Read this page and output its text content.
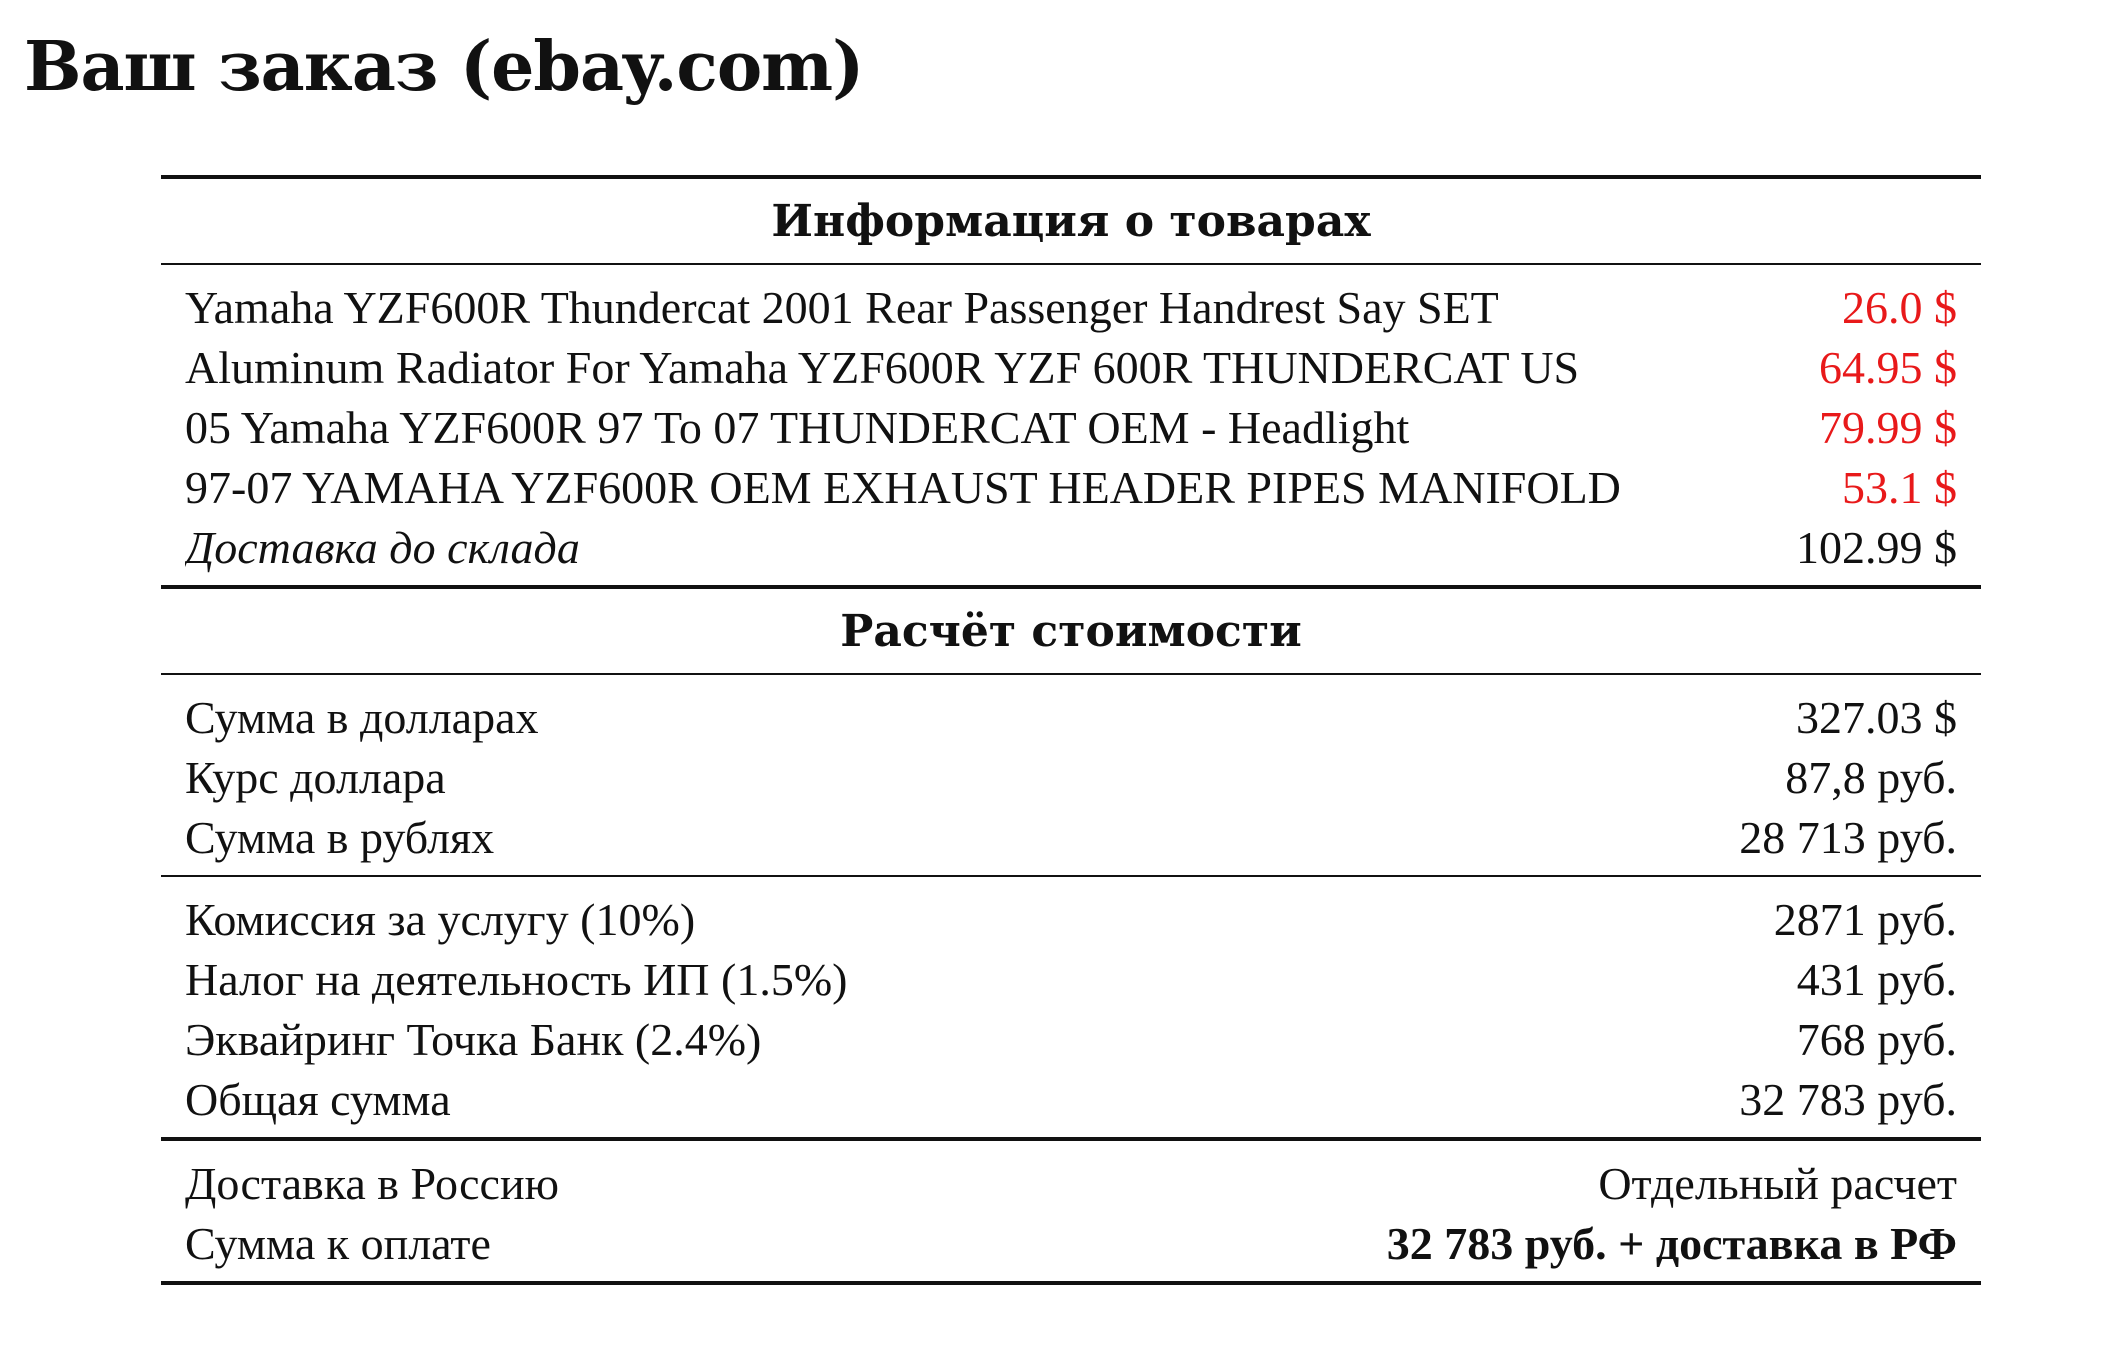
Ваш заказ (ebay.com)
Информация о товарах
Yamaha YZF600R Thundercat 2001 Rear Passenger Handrest Say SET	26.0 $
Aluminum Radiator For Yamaha YZF600R YZF 600R THUNDERCAT US	64.95 $
05 Yamaha YZF600R 97 To 07 THUNDERCAT OEM - Headlight	79.99 $
97-07 YAMAHA YZF600R OEM EXHAUST HEADER PIPES MANIFOLD	53.1 $
Доставка до склада	102.99 $
Расчёт стоимости
Сумма в долларах	327.03 $
Курс доллара	87,8 руб.
Сумма в рублях	28 713 руб.
Комиссия за услугу (10%)	2871 руб.
Налог на деятельность ИП (1.5%)	431 руб.
Эквайринг Точка Банк (2.4%)	768 руб.
Общая сумма	32 783 руб.
Доставка в Россию	Отдельный расчет
Сумма к оплате	32 783 руб. + доставка в РФ
